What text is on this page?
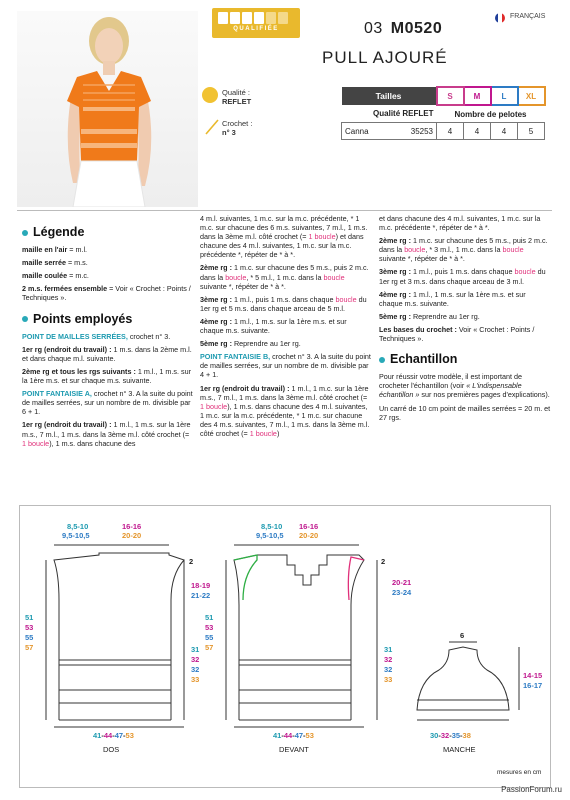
QUALIFIÉE	03 M0520
PULL AJOURÉ
FRANÇAIS
Qualité :
REFLET
Crochet :
n° 3
Tailles	S	M	L	XL
Qualité REFLET	Nombre de pelotes			
Canna 35253	4	4	4	5
Légende

maille en l'air = m.l.

maille serrée = m.s.

maille coulée = m.c.

2 m.s. fermées ensemble = Voir « Crochet : Points / Techniques ».

Points employés

POINT DE MAILLES SERRÉES, crochet n° 3.

1er rg (endroit du travail) : 1 m.s. dans la 2ème m.l. et dans chaque m.l. suivante.

2ème rg et tous les rgs suivants : 1 m.l., 1 m.s. sur la 1ère m.s. et sur chaque m.s. suivante.

POINT FANTAISIE A, crochet n° 3. A la suite du point de mailles serrées, sur un nombre de m. divisible par 6 + 1.

1er rg (endroit du travail) : 1 m.l., 1 m.s. sur la 1ère m.s., 7 m.l., 1 m.s. dans la 3ème m.l. côté crochet (= 1 boucle), 1 m.s. dans chacune des

4 m.l. suivantes, 1 m.c. sur la m.c. précédente, * 1 m.c. sur chacune des 6 m.s. suivantes, 7 m.l., 1 m.s. dans la 3ème m.l. côté crochet (= 1 boucle) et dans chacune des 4 m.l. suivantes, 1 m.c. sur la m.c. précédente *, répéter de * à *.

2ème rg : 1 m.c. sur chacune des 5 m.s., puis 2 m.c. dans la boucle, * 5 m.l., 1 m.c. dans la boucle suivante *, répéter de * à *.

3ème rg : 1 m.l., puis 1 m.s. dans chaque boucle du 1er rg et 5 m.s. dans chaque arceau de 5 m.l.

4ème rg : 1 m.l., 1 m.s. sur la 1ère m.s. et sur chaque m.s. suivante.

5ème rg : Reprendre au 1er rg.

POINT FANTAISIE B, crochet n° 3. A la suite du point de mailles serrées, sur un nombre de m. divisible par 4 + 1.

1er rg (endroit du travail) : 1 m.l., 1 m.c. sur la 1ère m.s., 7 m.l., 1 m.s. dans la 3ème m.l. côté crochet (= 1 boucle), 1 m.s. dans chacune des 4 m.l. suivantes, 1 m.c. sur la m.c. précédente, * 1 m.c. sur chacune des 4 m.s. suivantes, 7 m.l., 1 m.s. dans la 3ème m.l. côté crochet (= 1 boucle)

et dans chacune des 4 m.l. suivantes, 1 m.c. sur la m.c. précédente *, répéter de * à *.

2ème rg : 1 m.c. sur chacune des 5 m.s., puis 2 m.c. dans la boucle, * 3 m.l., 1 m.c. dans la boucle suivante *, répéter de * à *.

3ème rg : 1 m.l., puis 1 m.s. dans chaque boucle du 1er rg et 3 m.s. dans chaque arceau de 3 m.l.

4ème rg : 1 m.l., 1 m.s. sur la 1ère m.s. et sur chaque m.s. suivante.

5ème rg : Reprendre au 1er rg.

Les bases du crochet : Voir « Crochet : Points / Techniques ».

Echantillon

Pour réussir votre modèle, il est important de crocheter l'échantillon (voir « L'indispensable échantillon » sur nos premières pages d'explications).

Un carré de 10 cm point de mailles serrées = 20 m. et 27 rgs.

8,5-10
9,5-10,5
16-16
20-20
2
18-19
21-22
51
53
55
57	31
32
32
33
41-44-47-53
DOS
8,5-10
9,5-10,5
16-16
20-20
2
20-21
23-24
51
53
55
57	31
32
32
33
41-44-47-53
DEVANT
6
14-15
16-17
30-32-35-38
MANCHE
mesures en cm
PassionForum.ru
